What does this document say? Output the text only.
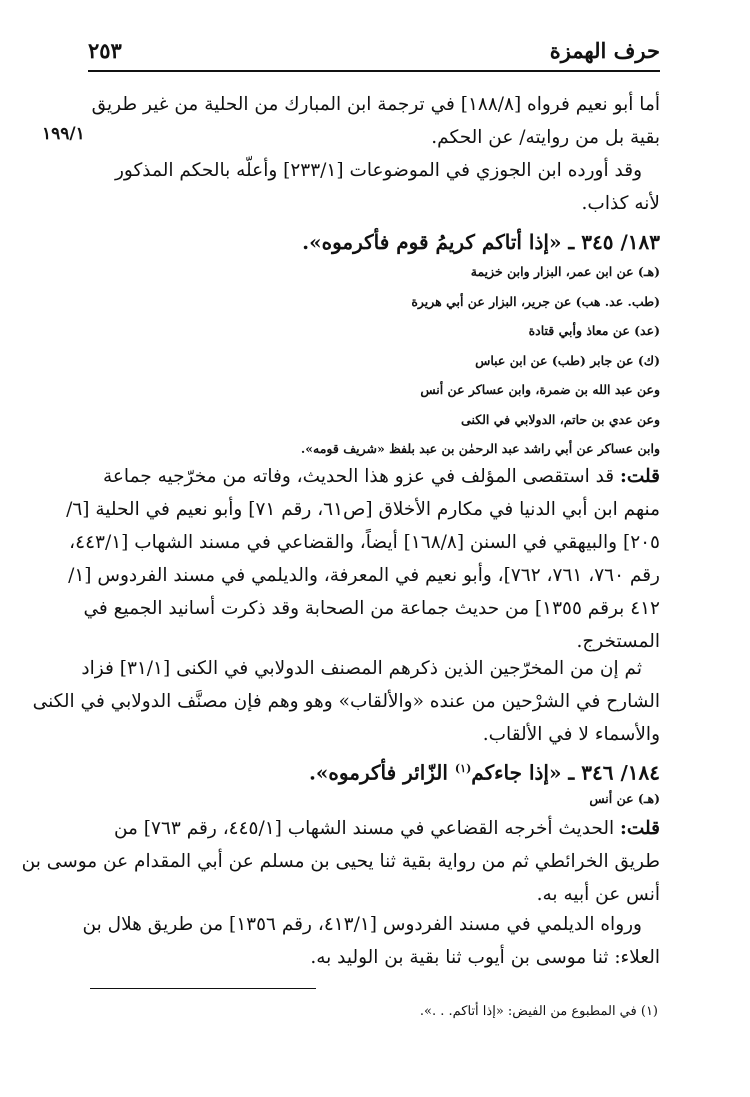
حرف الهمزة
٢٥٣
١٩٩/١
أما أبو نعيم فرواه [١٨٨/٨] في ترجمة ابن المبارك من الحلية من غير طريق
بقية بل من روايته/ عن الحكم.
وقد أورده ابن الجوزي في الموضوعات [٢٣٣/١] وأعلّه بالحكم المذكور
لأنه كذاب.
١٨٣/ ٣٤٥ ـ «إذا أتاكم كريمُ قوم فأكرموه».
(هـ) عن ابن عمر، البزار وابن خزيمة
(طب. عد. هب) عن جرير، البزار عن أبي هريرة
(عد) عن معاذ وأبي قتادة
(ك) عن جابر (طب) عن ابن عباس
وعن عبد الله بن ضمرة، وابن عساكر عن أنس
وعن عدي بن حاتم، الدولابي في الكنى
وابن عساكر عن أبي راشد عبد الرحمٰن بن عبد بلفظ «شريف قومه».
قلت: قد استقصى المؤلف في عزو هذا الحديث، وفاته من مخرّجيه جماعة
منهم ابن أبي الدنيا في مكارم الأخلاق [ص٦١، رقم ٧١] وأبو نعيم في الحلية [٦/
٢٠٥] والبيهقي في السنن [١٦٨/٨] أيضاً، والقضاعي في مسند الشهاب [٤٤٣/١،
رقم ٧٦٠، ٧٦١، ٧٦٢]، وأبو نعيم في المعرفة، والديلمي في مسند الفردوس [١/
٤١٢ برقم ١٣٥٥] من حديث جماعة من الصحابة وقد ذكرت أسانيد الجميع في
المستخرج.
ثم إن من المخرّجين الذين ذكرهم المصنف الدولابي في الكنى [٣١/١] فزاد
الشارح في الشرْحين من عنده «والألقاب» وهو وهم فإن مصنَّف الدولابي في الكنى
والأسماء لا في الألقاب.
١٨٤/ ٣٤٦ ـ «إذا جاءكم$^{(١)}$ الزّائر فأكرموه».
(هـ) عن أنس
قلت: الحديث أخرجه القضاعي في مسند الشهاب [٤٤٥/١، رقم ٧٦٣] من
طريق الخرائطي ثم من رواية بقية ثنا يحيى بن مسلم عن أبي المقدام عن موسى بن
أنس عن أبيه به.
ورواه الديلمي في مسند الفردوس [٤١٣/١، رقم ١٣٥٦] من طريق هلال بن
العلاء: ثنا موسى بن أيوب ثنا بقية بن الوليد به.
(١) في المطبوع من الفيض: «إذا أتاكم. . .».
